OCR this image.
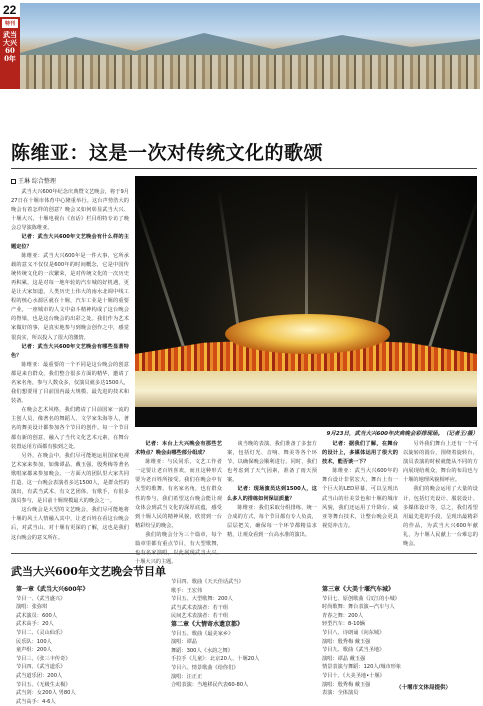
22
特刊
武当大兴600年
陈维亚：这是一次对传统文化的歌颂
王琳 综合整理

武当大兴600年纪念庆典暨文艺晚会，将于9月27日在十堰市体育中心隆重举行。这台声势浩大的晚会有着怎样的创意？晚会又如何彰显武当大兴、十堰大兴，十堰电视台《直话》栏目组特专访了晚会总导演陈维亚。

记者：武当大兴600年文艺晚会有什么样的主题定位？

陈维亚：武当大兴600年是一件大事，它所承载的意义不仅仅是600年的时间概念，它是中国传统传统文化的一次繁荣，是对传统文化的一次历史再积累，这是对每一地年轮的汽车城的好机遇，更是让大家知道，人类历史上伟大的南水北调中线工程的核心水源区就在十堰，汽车工业是十堰的重要产业，一座城市的人文中奋斗精神构成了这台晚会的脊梁，也是这台晚会的出彩之处。我们作为艺术家做好的事，是真实地参与到晚会创作之中，感觉很真实，所以投入了很大的激情。

记者：武当大兴600年文艺晚会有哪些显著特色？

陈维亚：最重要的一个不同是这台晚会的创意都是来自群众，我们整合很多方面的精华，邀请了名家名角，参与人数众多，仅演员就多达1500人，我们想要用了目前国内最大规模、最先进的技术和装备。

在晚会艺术风格，我们聘请了目前国家一流的主创人员，像著名的舞蹈人、文学家朱海等人，著名的舞美设计都参加各个节目的创作。每一个节目都有新的创意，融入了当代文化艺术元素，在舞台装置运用方面都有独到之处。

另外，在晚会中，我们尽可能地运用国家电视艺术家来参加，如像谭晶、戴玉强、殷秀梅等著名歌唱家都来参加晚会。一方面大的团队里大家共同打造、这一台晚会表演者多达1500人，是群众性的演出，有武当武术、有文艺团体，有歌手，有很多演员参与，是目前十堰规模最大的晚会之一。

这台晚会是大型的文艺晚会，我们尽可能地将十堰的风土人情融入其中，让老百姓在看这台晚会后，对武当山、对十堰有更深的了解，这也是我们这台晚会的意义所在。

9月23日，武当大兴600年庆典晚会彩排现场。（记者王/摄）

记者：本台上大兴晚会有那些艺术特点？晚会由哪些部分组成？

陈维亚：与民同乐，文艺工作者一定要让老百姓喜欢，而且这种形式要为老百姓所接受。我们在晚会中有大型的歌舞，有名家名角，也有群众性的参与，我们希望这台晚会能让观众体会到武当文化的深厚底蕴，感受到十堰人民的精神风貌，欣赏到一台精彩纷呈的晚会。

我们的晚会分为三个篇章，每个篇章里都有重点节目，有大型歌舞， 十堰大兴的主题。

谈当晚的表演，我们准备了多套方案，包括灯光、音响、舞美等各个环节，以确保晚会顺利进行。同时，我们也考虑到了天气因素，准备了雨天预案。

记者：现场演员达到1500人，这么多人的排练如何保证质量？

陈维亚：我们采取分组排练、统一合成的方式，每个节目都有专人负责，层层把关，确保每一个环节都精益求精，让观众看到一台高水准的演出。

记者：据我们了解，在舞台的设计上，多媒体运用了很大的技术，能否谈一下？

陈维亚：武当大兴600年的舞台设计非常宏大，舞台上有一个巨大的LED屏幕，可以呈现出武当山的壮美景色和十堰的城市风貌，我们还运用了升降台、威亚等舞台技术，让整台晚会更具视觉冲击力。

另外我们舞台上还有一个可以旋转的圆台，围绕着旋转台，演员表演的时候就能从不同的方向展现给观众，舞台的布局也与十堰的地理风貌相呼应。

我们的晚会运用了大量的设计，包括灯光设计、服装设计、多媒体设计等，总之，我们希望用最先进的手段，呈现出最精彩的作品，为武当大兴600年献礼，为十堰人民献上一台难忘的晚会。

武当大兴600年文艺晚会节目单
第一章《武当大兴600年》
节目一、《武当盛兴》
演唱：张弥琪
武术演员：600人
武术高手：20人
节目二、《灵山仙乐》
民乐队：100人
童声组：200人
节目三、《张三丰传奇》
节目四、《武当道乐》
武当道乐团：200人
节目五、《无极生太极》
武当剑：女200人 男80人
武当高手：4-6人
节目四、歌曲《天天佳话武当》
歌手：王宏伟
节目五、大型歌舞：200人
武当武术表演者：若干组
民间艺术表演者：若干组
第二章《大情寄水遗京都》
节目五、歌曲《最美家乡》
演唱：谭晶
舞蹈：300人《水韵之舞》
手拉手《儿童》：北京20人、十堰20人
节目六、情景歌曲《给你们》
演唱：汪正正
合唱表演：当地移民代表60-80人
第三章《大美十堰汽车城》
节目七、原创歌曲《汉江的小城》
时尚歌舞：舞台表演—汽车与人
青春之舞：200人
轻型汽车：8-10辆
节目八、诗朗诵《向东城》
演唱：殷秀梅 戴玉强
节目九、歌曲《武当圣地》
演唱：谭晶 戴玉强
情景表演与舞蹈：120人/城市形象
节目十、《大美圣地•十堰》
演唱：殷秀梅 戴玉强
表演：全体演员
（十堰市文体局提供）
